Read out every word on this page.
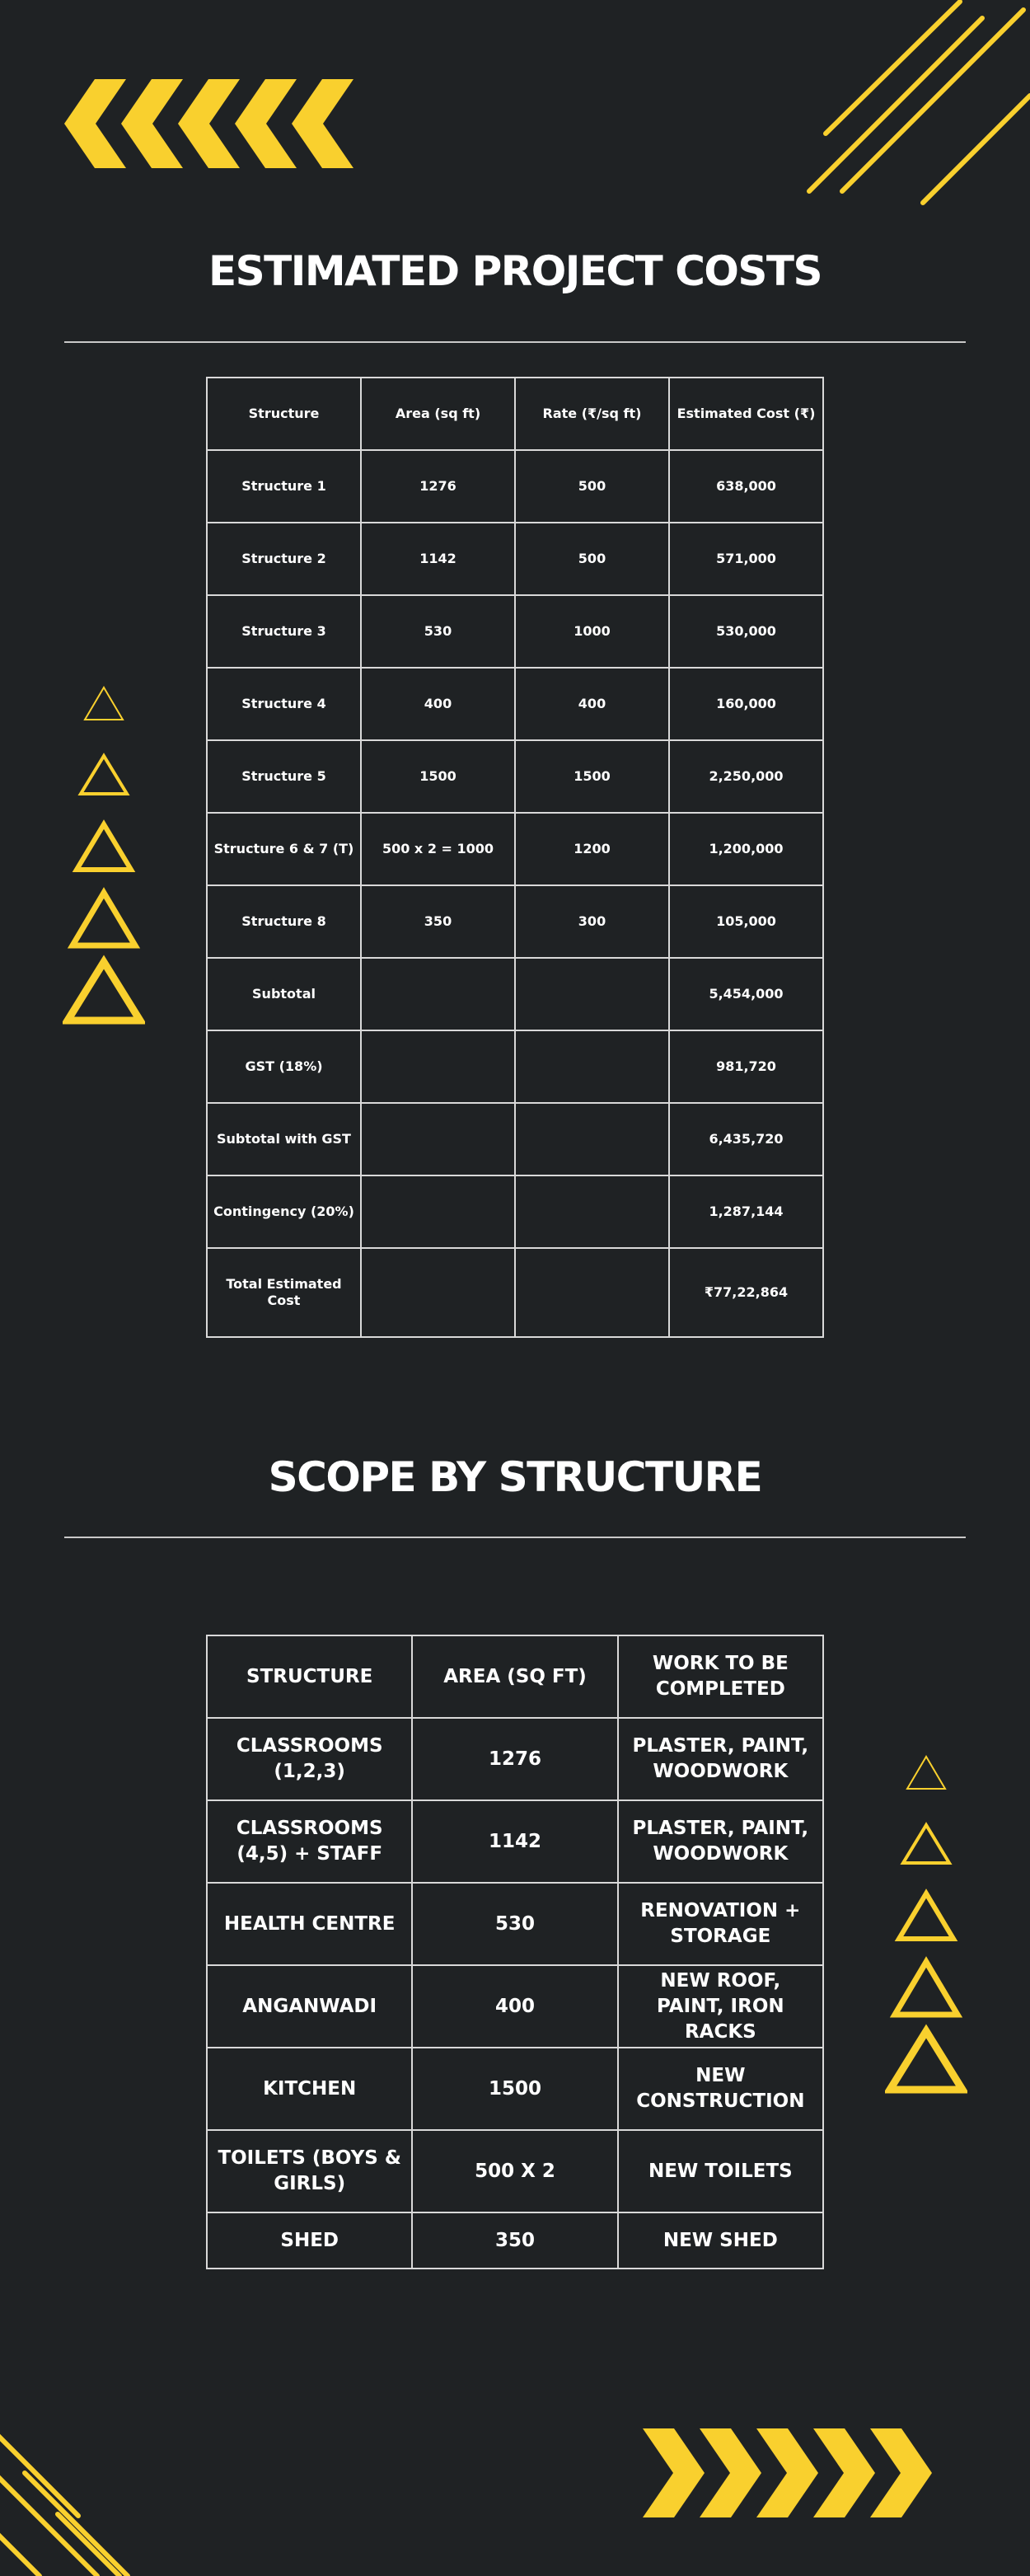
ESTIMATED PROJECT COSTS
Structure	Area (sq ft)	Rate (₹/sq ft)	Estimated Cost (₹)
Structure 1	1276	500	638,000
Structure 2	1142	500	571,000
Structure 3	530	1000	530,000
Structure 4	400	400	160,000
Structure 5	1500	1500	2,250,000
Structure 6 & 7 (T)	500 x 2 = 1000	1200	1,200,000
Structure 8	350	300	105,000
Subtotal			5,454,000
GST (18%)			981,720
Subtotal with GST			6,435,720
Contingency (20%)			1,287,144
Total Estimated Cost			₹77,22,864
SCOPE BY STRUCTURE
STRUCTURE	AREA (SQ FT)	WORK TO BE COMPLETED
CLASSROOMS (1,2,3)	1276	PLASTER, PAINT, WOODWORK
CLASSROOMS (4,5) + STAFF	1142	PLASTER, PAINT, WOODWORK
HEALTH CENTRE	530	RENOVATION + STORAGE
ANGANWADI	400	NEW ROOF, PAINT, IRON RACKS
KITCHEN	1500	NEW CONSTRUCTION
TOILETS (BOYS & GIRLS)	500 X 2	NEW TOILETS
SHED	350	NEW SHED
